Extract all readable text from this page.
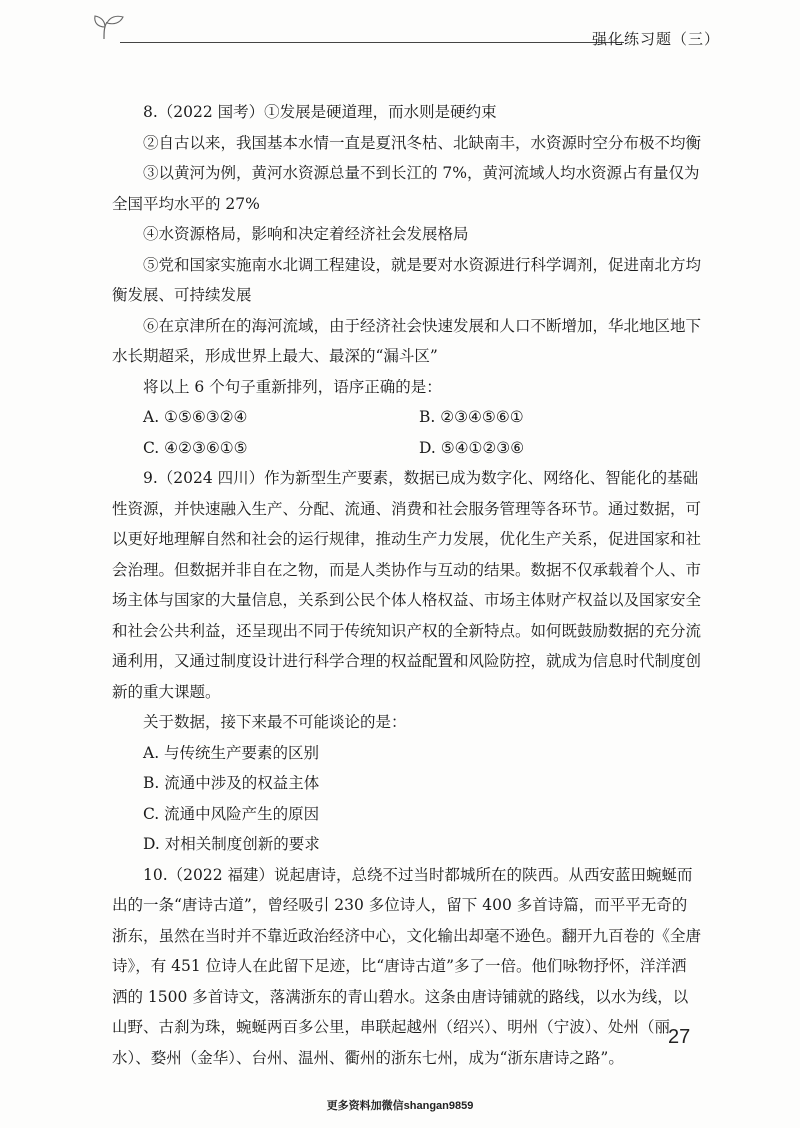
强化练习题（三）

8.（2022 国考）①发展是硬道理，而水则是硬约束

②自古以来，我国基本水情一直是夏汛冬枯、北缺南丰，水资源时空分布极不均衡

③以黄河为例，黄河水资源总量不到长江的 7%，黄河流域人均水资源占有量仅为全国平均水平的 27%

④水资源格局，影响和决定着经济社会发展格局

⑤党和国家实施南水北调工程建设，就是要对水资源进行科学调剂，促进南北方均衡发展、可持续发展

⑥在京津所在的海河流域，由于经济社会快速发展和人口不断增加，华北地区地下水长期超采，形成世界上最大、最深的“漏斗区”

将以上 6 个句子重新排列，语序正确的是：

A. ①⑤⑥③②④	B. ②③④⑤⑥①
C. ④②③⑥①⑤	D. ⑤④①②③⑥

9.（2024 四川）作为新型生产要素，数据已成为数字化、网络化、智能化的基础性资源，并快速融入生产、分配、流通、消费和社会服务管理等各环节。通过数据，可以更好地理解自然和社会的运行规律，推动生产力发展，优化生产关系，促进国家和社会治理。但数据并非自在之物，而是人类协作与互动的结果。数据不仅承载着个人、市场主体与国家的大量信息，关系到公民个体人格权益、市场主体财产权益以及国家安全和社会公共利益，还呈现出不同于传统知识产权的全新特点。如何既鼓励数据的充分流通利用，又通过制度设计进行科学合理的权益配置和风险防控，就成为信息时代制度创新的重大课题。

关于数据，接下来最不可能谈论的是：

A. 与传统生产要素的区别

B. 流通中涉及的权益主体

C. 流通中风险产生的原因

D. 对相关制度创新的要求

10.（2022 福建）说起唐诗，总绕不过当时都城所在的陕西。从西安蓝田蜿蜒而出的一条“唐诗古道”，曾经吸引 230 多位诗人，留下 400 多首诗篇，而平平无奇的浙东，虽然在当时并不靠近政治经济中心，文化输出却毫不逊色。翻开九百卷的《全唐诗》，有 451 位诗人在此留下足迹，比“唐诗古道”多了一倍。他们咏物抒怀，洋洋洒洒的 1500 多首诗文，落满浙东的青山碧水。这条由唐诗铺就的路线，以水为线，以山野、古刹为珠，蜿蜒两百多公里，串联起越州（绍兴）、明州（宁波）、处州（丽水）、婺州（金华）、台州、温州、衢州的浙东七州，成为“浙东唐诗之路”。

27
更多资料加微信shangan9859
